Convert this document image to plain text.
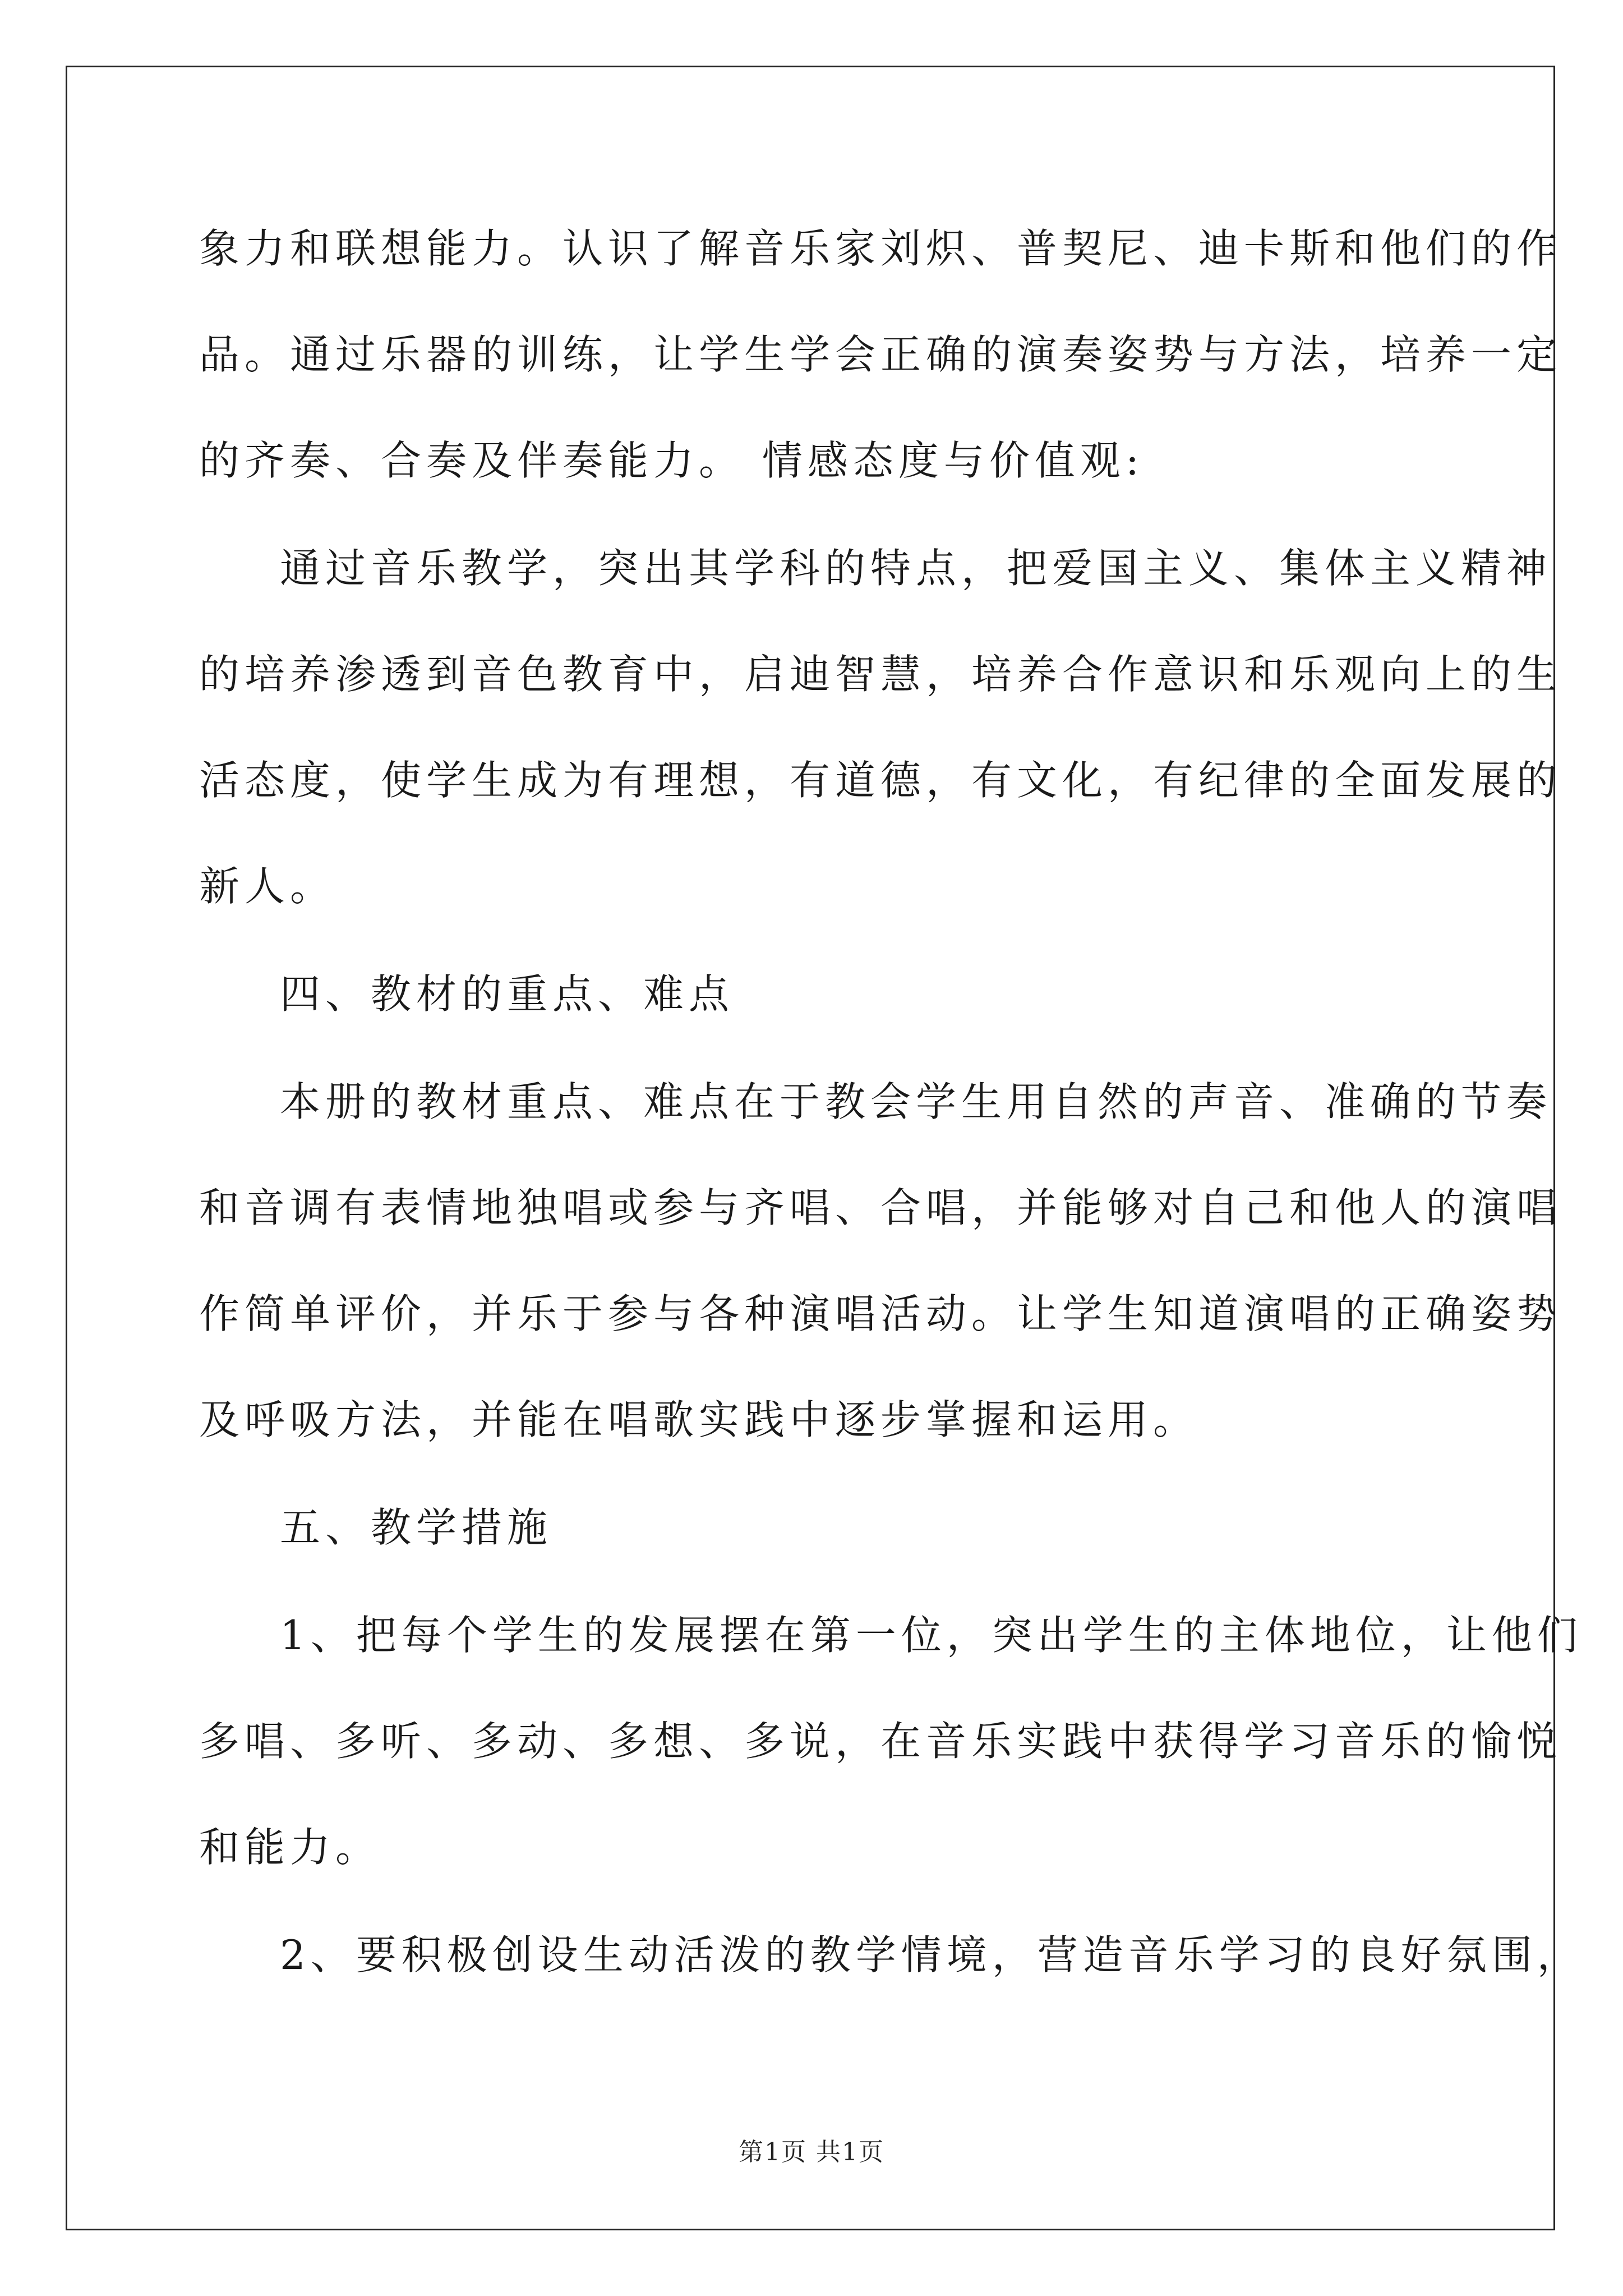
象力和联想能力。认识了解音乐家刘炽、普契尼、迪卡斯和他们的作
品。通过乐器的训练，让学生学会正确的演奏姿势与方法，培养一定
的齐奏、合奏及伴奏能力。 情感态度与价值观:
通过音乐教学，突出其学科的特点，把爱国主义、集体主义精神
的培养渗透到音色教育中，启迪智慧，培养合作意识和乐观向上的生
活态度，使学生成为有理想，有道德，有文化，有纪律的全面发展的
新人。
四、教材的重点、难点
本册的教材重点、难点在于教会学生用自然的声音、准确的节奏
和音调有表情地独唱或参与齐唱、合唱，并能够对自己和他人的演唱
作简单评价，并乐于参与各种演唱活动。让学生知道演唱的正确姿势
及呼吸方法，并能在唱歌实践中逐步掌握和运用。
五、教学措施
1、把每个学生的发展摆在第一位，突出学生的主体地位，让他们
多唱、多听、多动、多想、多说，在音乐实践中获得学习音乐的愉悦
和能力。
2、要积极创设生动活泼的教学情境，营造音乐学习的良好氛围，
第1页 共1页
